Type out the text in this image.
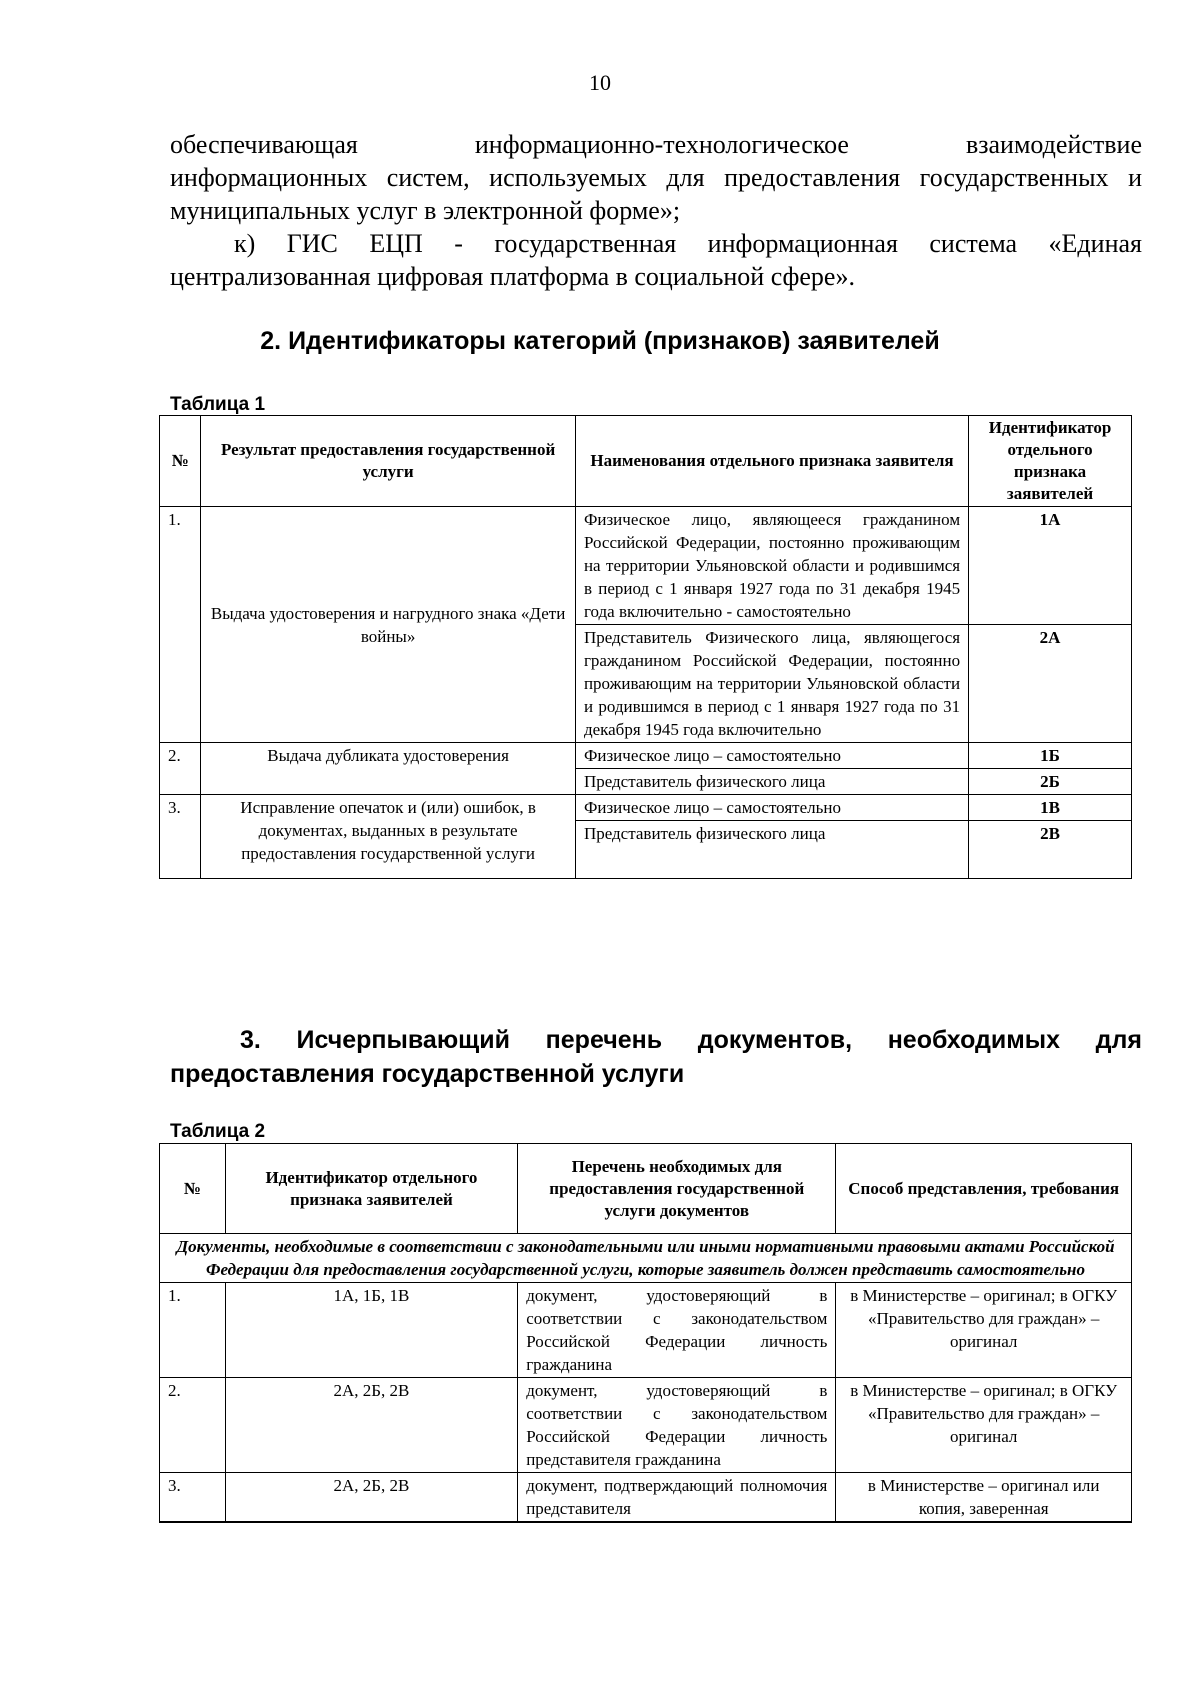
10

обеспечивающая информационно-технологическое взаимодействие

информационных систем, используемых для предоставления государственных и муниципальных услуг в электронной форме»;

к) ГИС ЕЦП - государственная информационная система «Единая централизованная цифровая платформа в социальной сфере».

2. Идентификаторы категорий (признаков) заявителей
Таблица 1
№	Результат предоставления государственной услуги	Наименования отдельного признака заявителя	Идентификатор отдельного признака заявителей
1.	Выдача удостоверения и нагрудного знака «Дети войны»	Физическое лицо, являющееся гражданином Российской Федерации, постоянно проживающим на территории Ульяновской области и родившимся в период с 1 января 1927 года по 31 декабря 1945 года включительно - самостоятельно	1А
		Представитель Физического лица, являющегося гражданином Российской Федерации, постоянно проживающим на территории Ульяновской области и родившимся в период с 1 января 1927 года по 31 декабря 1945 года включительно	2А
2.	Выдача дубликата удостоверения	Физическое лицо – самостоятельно	1Б
		Представитель физического лица	2Б
3.	Исправление опечаток и (или) ошибок, в документах, выданных в результате предоставления государственной услуги	Физическое лицо – самостоятельно	1В
		Представитель физического лица	2В
3. Исчерпывающий перечень документов, необходимых для
предоставления государственной услуги
Таблица 2
№	Идентификатор отдельного признака заявителей	Перечень необходимых для предоставления государственной услуги документов	Способ представления, требования
Документы, необходимые в соответствии с законодательными или иными нормативными правовыми актами Российской Федерации для предоставления государственной услуги, которые заявитель должен представить самостоятельно			
1.	1А, 1Б, 1В	документ, удостоверяющий в соответствии с законодательством Российской Федерации личность гражданина	в Министерстве – оригинал; в ОГКУ «Правительство для граждан» – оригинал
2.	2А, 2Б, 2В	документ, удостоверяющий в соответствии с законодательством Российской Федерации личность представителя гражданина	в Министерстве – оригинал; в ОГКУ «Правительство для граждан» – оригинал
3.	2А, 2Б, 2В	документ, подтверждающий полномочия представителя	в Министерстве – оригинал или копия, заверенная
